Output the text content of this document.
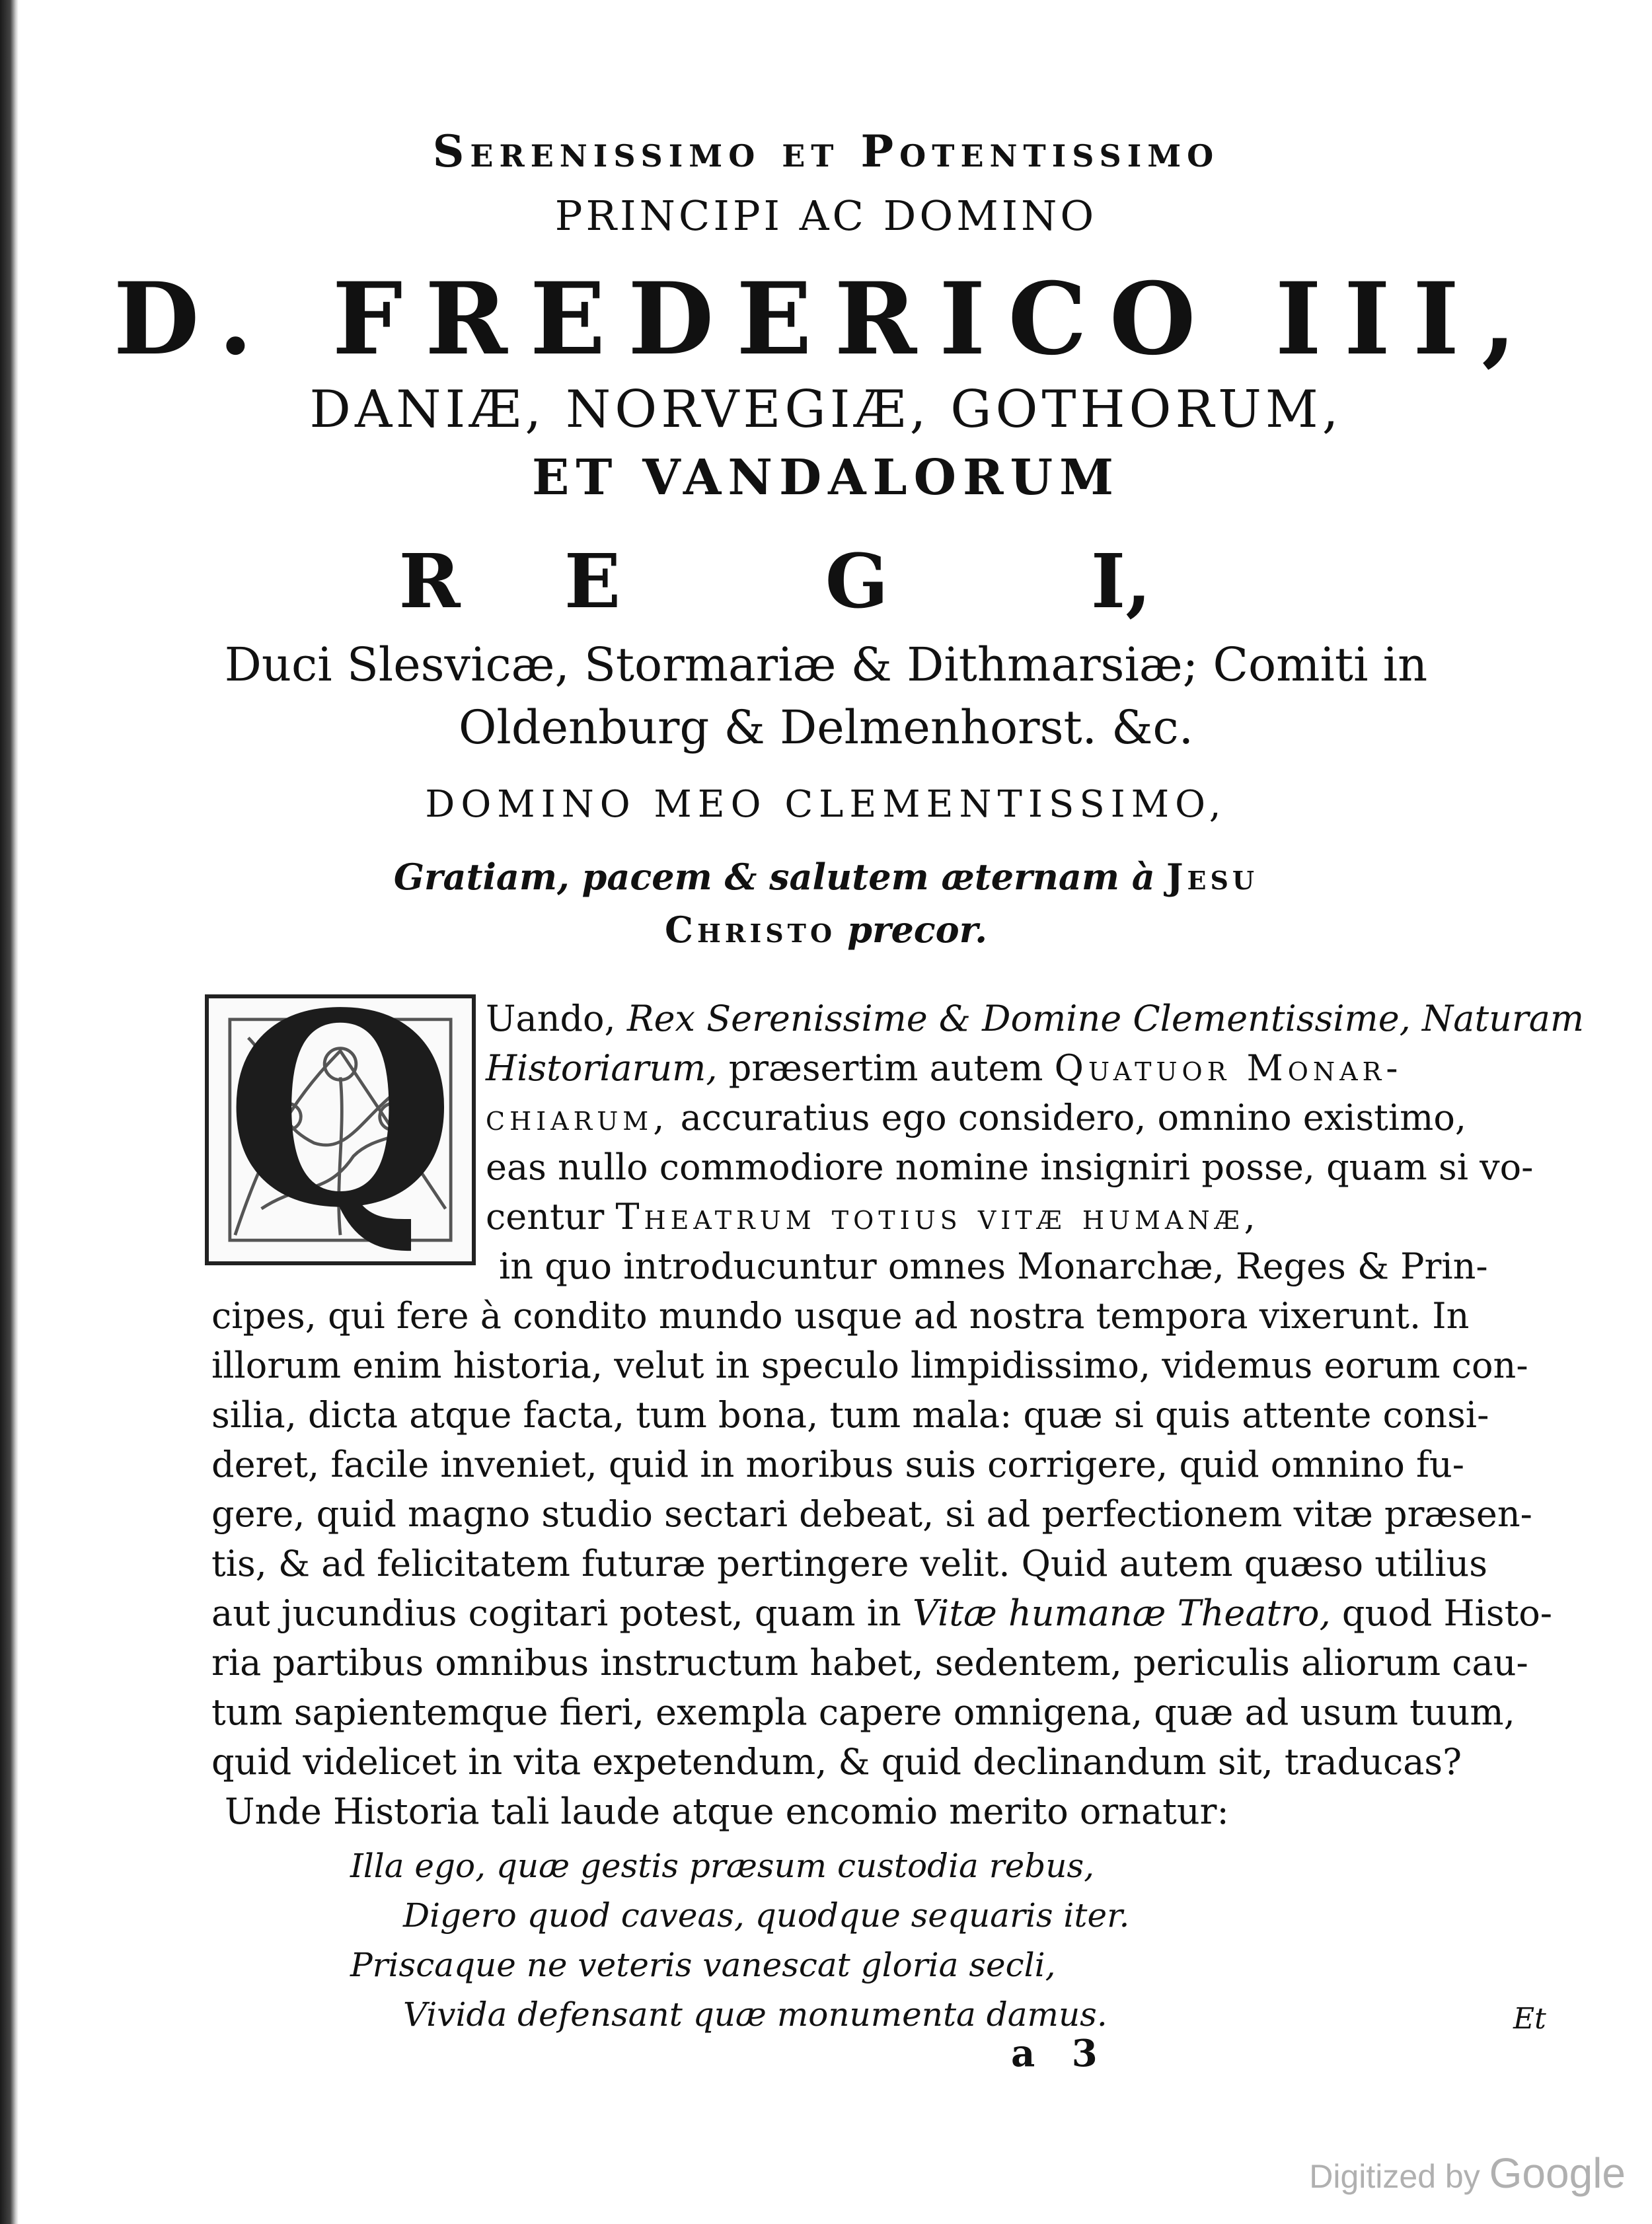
Serenissimo et Potentissimo
PRINCIPI AC DOMINO
D. FREDERICO III,
DANIÆ, NORVEGIÆ, GOTHORUM,
ET VANDALORUM
R E	G	I,
Duci Slesvicæ, Stormariæ & Dithmarsiæ; Comiti in
Oldenburg & Delmenhorst. &c.
DOMINO MEO CLEMENTISSIMO,
Gratiam, pacem & salutem æternam à Jesu
Christo precor.
Q Uando, Rex Serenissime & Domine Clementissime, Naturam
Historiarum, præsertim autem Quatuor Monar-
chiarum, accuratius ego considero, omnino existimo,
eas nullo commodiore nomine insigniri posse, quam si vo-
centur Theatrum totius vitæ humanæ,
in quo introducuntur omnes Monarchæ, Reges & Prin-
cipes, qui fere à condito mundo usque ad nostra tempora vixerunt. In
illorum enim historia, velut in speculo limpidissimo, videmus eorum con-
silia, dicta atque facta, tum bona, tum mala: quæ si quis attente consi-
deret, facile inveniet, quid in moribus suis corrigere, quid omnino fu-
gere, quid magno studio sectari debeat, si ad perfectionem vitæ præsen-
tis, & ad felicitatem futuræ pertingere velit. Quid autem quæso utilius
aut jucundius cogitari potest, quam in Vitæ humanæ Theatro, quod Histo-
ria partibus omnibus instructum habet, sedentem, periculis aliorum cau-
tum sapientemque fieri, exempla capere omnigena, quæ ad usum tuum,
quid videlicet in vita expetendum, & quid declinandum sit, traducas?
Unde Historia tali laude atque encomio merito ornatur:
Illa ego, quæ gestis præsum custodia rebus,
Digero quod caveas, quodque sequaris iter.
Priscaque ne veteris vanescat gloria secli,
Vivida defensant quæ monumenta damus.	Et
a 3
Digitized by Google
